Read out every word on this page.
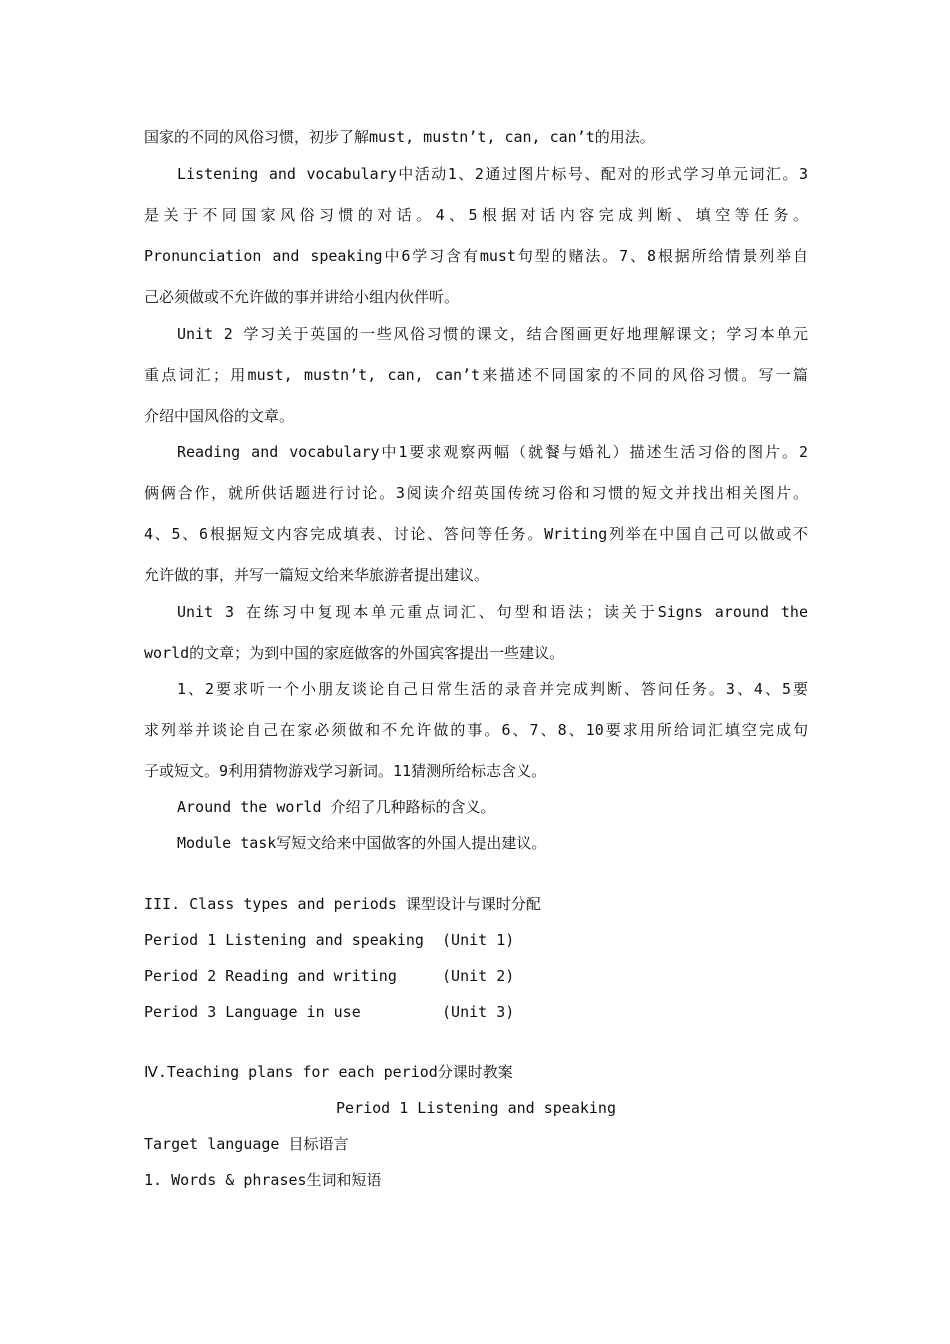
国家的不同的风俗习惯，初步了解must, mustn’t, can, can’t的用法。
Listening and vocabulary中活动1、2通过图片标号、配对的形式学习单元词汇。3
是关于不同国家风俗习惯的对话。4、5根据对话内容完成判断、填空等任务。
Pronunciation and speaking中6学习含有must句型的赌法。7、8根据所给情景列举自
己必须做或不允许做的事并讲给小组内伙伴听。
Unit 2 学习关于英国的一些风俗习惯的课文，结合图画更好地理解课文；学习本单元
重点词汇；用must, mustn’t, can, can’t来描述不同国家的不同的风俗习惯。写一篇
介绍中国风俗的文章。
Reading and vocabulary中1要求观察两幅（就餐与婚礼）描述生活习俗的图片。2
俩俩合作，就所供话题进行讨论。3阅读介绍英国传统习俗和习惯的短文并找出相关图片。
4、5、6根据短文内容完成填表、讨论、答问等任务。Writing列举在中国自己可以做或不
允许做的事，并写一篇短文给来华旅游者提出建议。
Unit 3 在练习中复现本单元重点词汇、句型和语法；读关于Signs around the
world的文章；为到中国的家庭做客的外国宾客提出一些建议。
1、2要求听一个小朋友谈论自己日常生活的录音并完成判断、答问任务。3、4、5要
求列举并谈论自己在家必须做和不允许做的事。6、7、8、10要求用所给词汇填空完成句
子或短文。9利用猜物游戏学习新词。11猜测所给标志含义。
Around the world 介绍了几种路标的含义。
Module task写短文给来中国做客的外国人提出建议。
III. Class types and periods 课型设计与课时分配
Period 1 Listening and speaking  (Unit 1)
Period 2 Reading and writing     (Unit 2)
Period 3 Language in use         (Unit 3)
Ⅳ.Teaching plans for each period分课时教案
Period 1 Listening and speaking
Target language 目标语言
1. Words & phrases生词和短语
